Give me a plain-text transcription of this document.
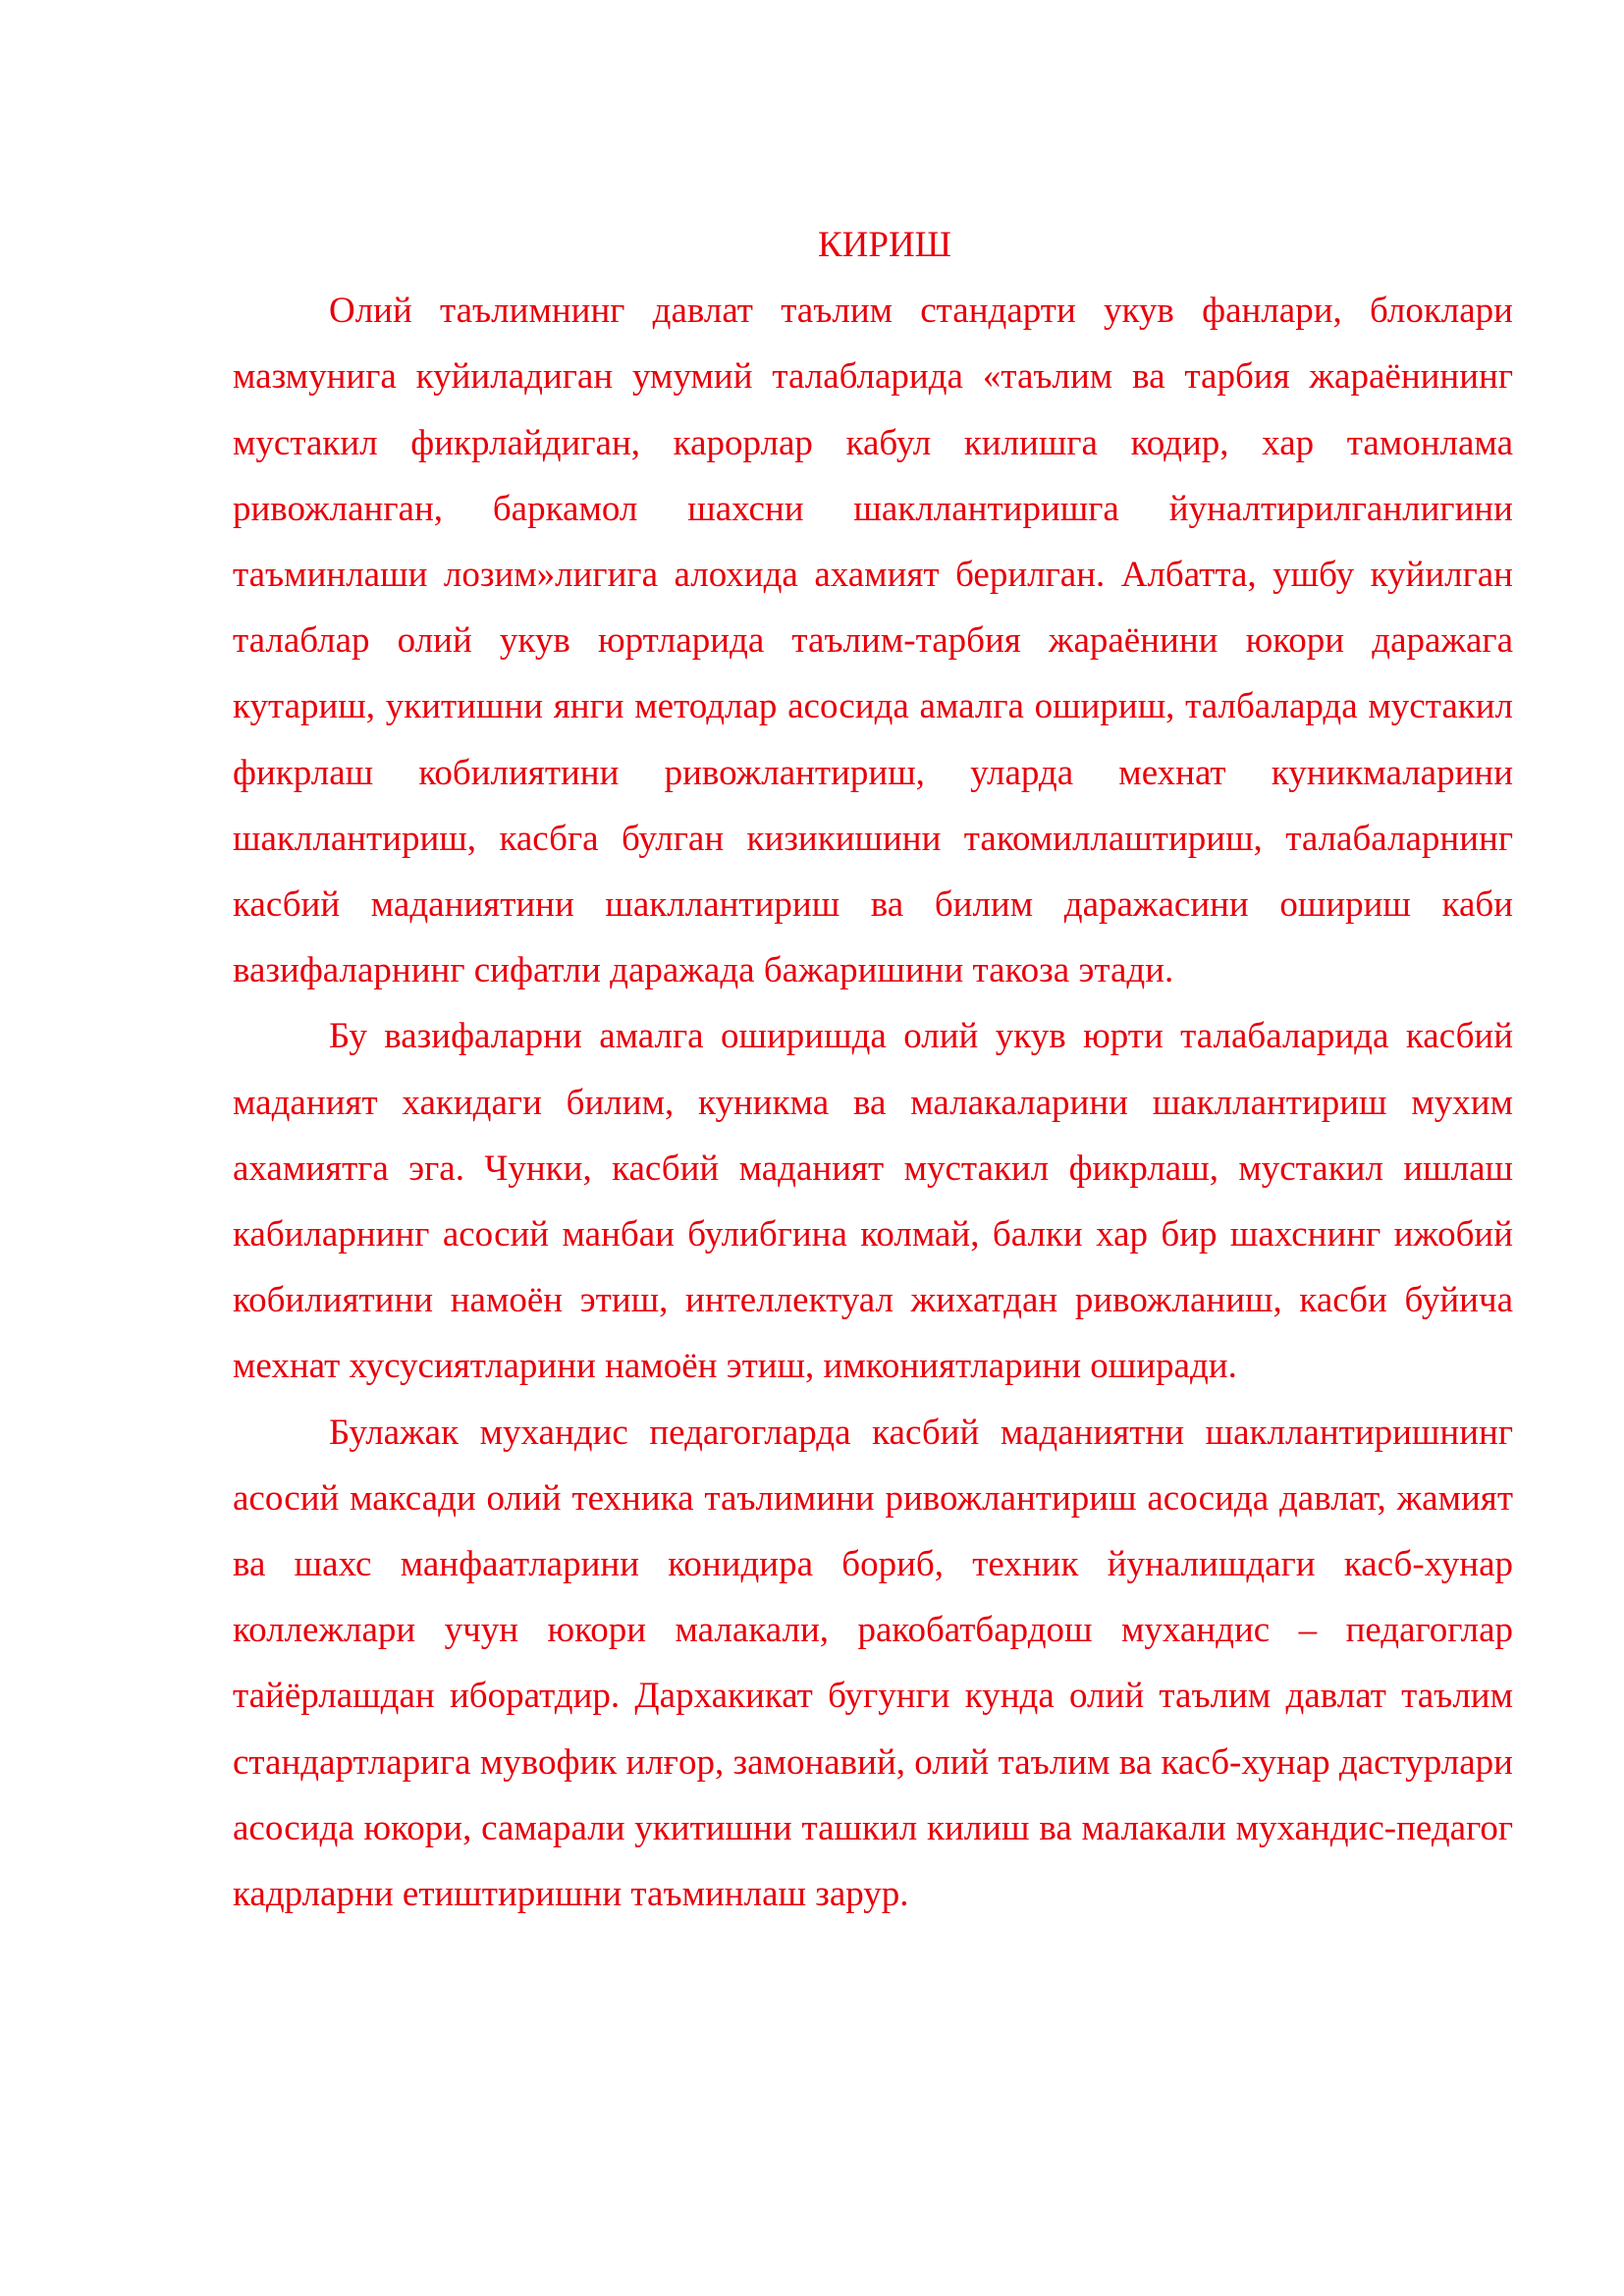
КИРИШ

Олий таълимнинг давлат таълим стандарти укув фанлари, блоклари мазмунига куйиладиган умумий талабларида «таълим ва тарбия жараёнининг мустакил фикрлайдиган, карорлар кабул килишга кодир, хар тамонлама ривожланган, баркамол шахсни шакллантиришга йуналтирилганлигини таъминлаши лозим»лигига алохида ахамият берилган. Албатта, ушбу куйилган талаблар олий укув юртларида таълим-тарбия жараёнини юкори даражага кутариш, укитишни янги методлар асосида амалга ошириш, талбаларда мустакил фикрлаш кобилиятини ривожлантириш, уларда мехнат куникмаларини шакллантириш, касбга булган кизикишини такомиллаштириш, талабаларнинг касбий маданиятини шакллантириш ва билим даражасини ошириш каби вазифаларнинг сифатли даражада бажаришини такоза этади.

Бу вазифаларни амалга оширишда олий укув юрти талабаларида касбий маданият хакидаги билим, куникма ва малакаларини шакллантириш мухим ахамиятга эга. Чунки, касбий маданият мустакил фикрлаш, мустакил ишлаш кабиларнинг асосий манбаи булибгина колмай, балки хар бир шахснинг ижобий кобилиятини намоён этиш, интеллектуал жихатдан ривожланиш, касби буйича мехнат хусусиятларини намоён этиш, имкониятларини оширади.

Булажак мухандис педагогларда касбий маданиятни шакллантиришнинг асосий максади олий техника таълимини ривожлантириш асосида давлат, жамият ва шахс манфаатларини конидира бориб, техник йуналишдаги касб-хунар коллежлари учун юкори малакали, ракобатбардош мухандис – педагоглар тайёрлашдан иборатдир. Дархакикат бугунги кунда олий таълим давлат таълим стандартларига мувофик илғор, замонавий, олий таълим ва касб-хунар дастурлари асосида юкори, самарали укитишни ташкил килиш ва малакали мухандис-педагог кадрларни етиштиришни таъминлаш зарур.
